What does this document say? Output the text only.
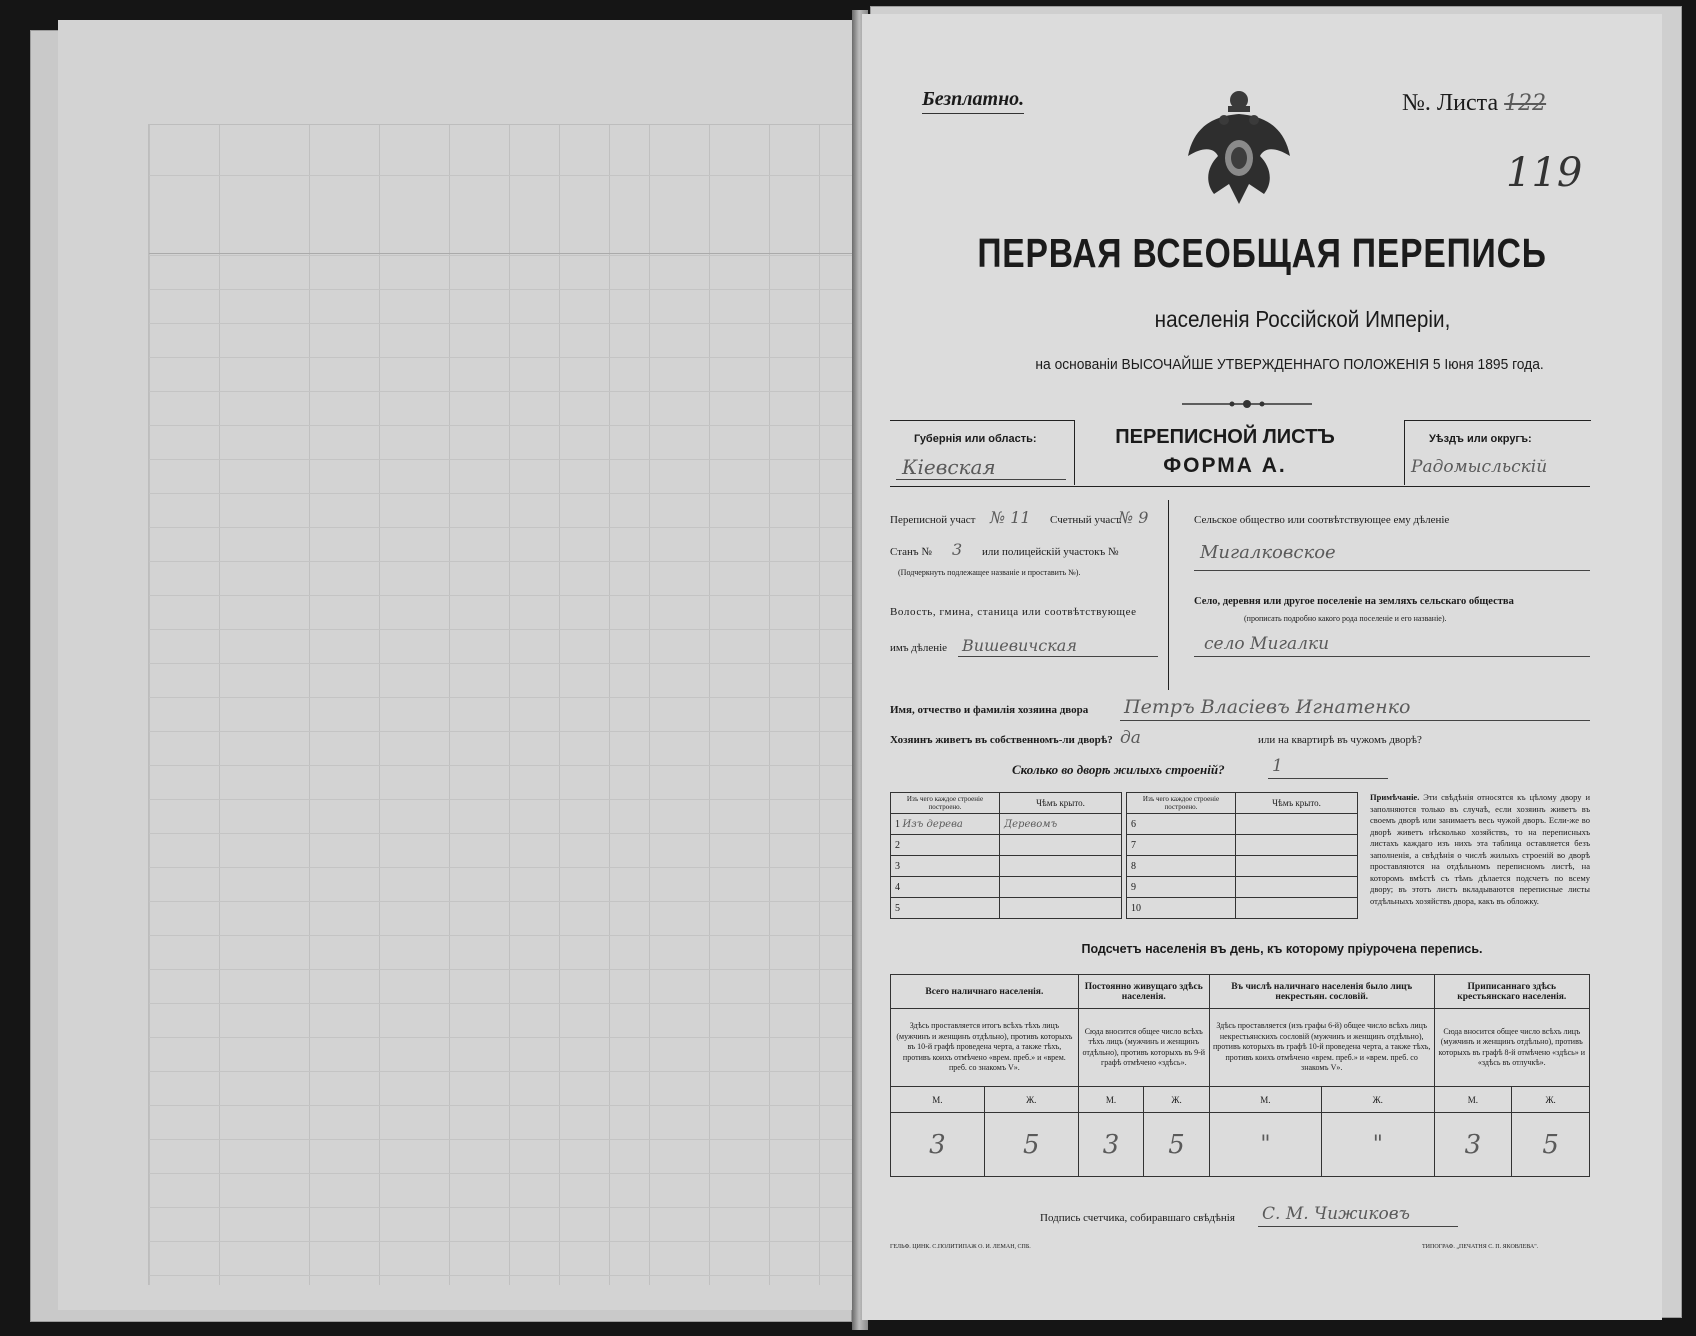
Безплатно.	№. Листа 122
119
ПЕРВАЯ ВСЕОБЩАЯ ПЕРЕПИСЬ
населенія Россійской Имперіи,
на основаніи ВЫСОЧАЙШЕ УТВЕРЖДЕННАГО ПОЛОЖЕНІЯ 5 Іюня 1895 года.
Губернія или область:
Кіевская
ПЕРЕПИСНОЙ ЛИСТЪ
ФОРМА А.
Уѣздъ или округъ:
Радомысльскій
Переписной участ № 11 Счетный участ.
№ 9
Станъ № 3 или полицейскій участокъ №
(Подчеркнуть подлежащее названіе и проставить №).
Волость, гмина, станица или соотвѣтствующее
имъ дѣленіе Вишевичская
Сельское общество или соотвѣтствующее ему дѣленіе
Мигалковское
Село, деревня или другое поселеніе на земляхъ сельскаго общества
(прописать подробно какого рода поселеніе и его названіе).
село Мигалки
Имя, отчество и фамилія хозяина двора Петръ Власіевъ Игнатенко
Хозяинъ живетъ въ собственномъ-ли дворѣ? да	или на квартирѣ въ чужомъ дворѣ?
Сколько во дворѣ жилыхъ строеній?	1
Изъ чего каждое строеніе построено.	Чѣмъ крыто.
1 Изъ дерева	Деревомъ
2	
3	
4	
5	
Изъ чего каждое строеніе построено.	Чѣмъ крыто.
6	
7	
8	
9	
10	
Примѣчаніе. Эти свѣдѣнія относятся къ цѣлому двору и заполняются только въ случаѣ, если хозяинъ живетъ въ своемъ дворѣ или занимаетъ весь чужой дворъ. Если-же во дворѣ живетъ нѣсколько хозяйствъ, то на переписныхъ листахъ каждаго изъ нихъ эта таблица оставляется безъ заполненія, а свѣдѣнія о числѣ жилыхъ строеній во дворѣ проставляются на отдѣльномъ переписномъ листѣ, на которомъ вмѣстѣ съ тѣмъ дѣлается подсчетъ по всему двору; въ этотъ листъ вкладываются переписные листы отдѣльныхъ хозяйствъ двора, какъ въ обложку.
Подсчетъ населенія въ день, къ которому пріурочена перепись.
Всего наличнаго населенія.		Постоянно живущаго здѣсь населенія.		Въ числѣ наличнаго населенія было лицъ некрестьян. сословій.		Приписаннаго здѣсь крестьянскаго населенія.	
Здѣсь проставляется итогъ всѣхъ тѣхъ лицъ (мужчинъ и женщинъ отдѣльно), противъ которыхъ въ 10-й графѣ проведена черта, а также тѣхъ, противъ коихъ отмѣчено «врем. преб.» и «врем. преб. со знакомъ V».		Сюда вносится общее число всѣхъ тѣхъ лицъ (мужчинъ и женщинъ отдѣльно), противъ которыхъ въ 9-й графѣ отмѣчено «здѣсь».		Здѣсь проставляется (изъ графы 6-й) общее число всѣхъ лицъ некрестьянскихъ сословій (мужчинъ и женщинъ отдѣльно), противъ которыхъ въ графѣ 10-й проведена черта, а также тѣхъ, противъ коихъ отмѣчено «врем. преб.» и «врем. преб. со знакомъ V».		Сюда вносится общее число всѣхъ лицъ (мужчинъ и женщинъ отдѣльно), противъ которыхъ въ графѣ 8-й отмѣчено «здѣсь» и «здѣсь въ отлучкѣ».	
М.	Ж.	М.	Ж.	М.	Ж.	М.	Ж.
3	5	3	5	"	"	3	5
Подпись счетчика, собиравшаго свѣдѣнія С. М. Чижиковъ
ГЕЛЬФ. ЦИНК. С.ПОЛИТИПАЖ О. И. ЛЕМАН, СПБ.	ТИПОГРАФ. „ПЕЧАТНЯ С. П. ЯКОВЛЕВА".
